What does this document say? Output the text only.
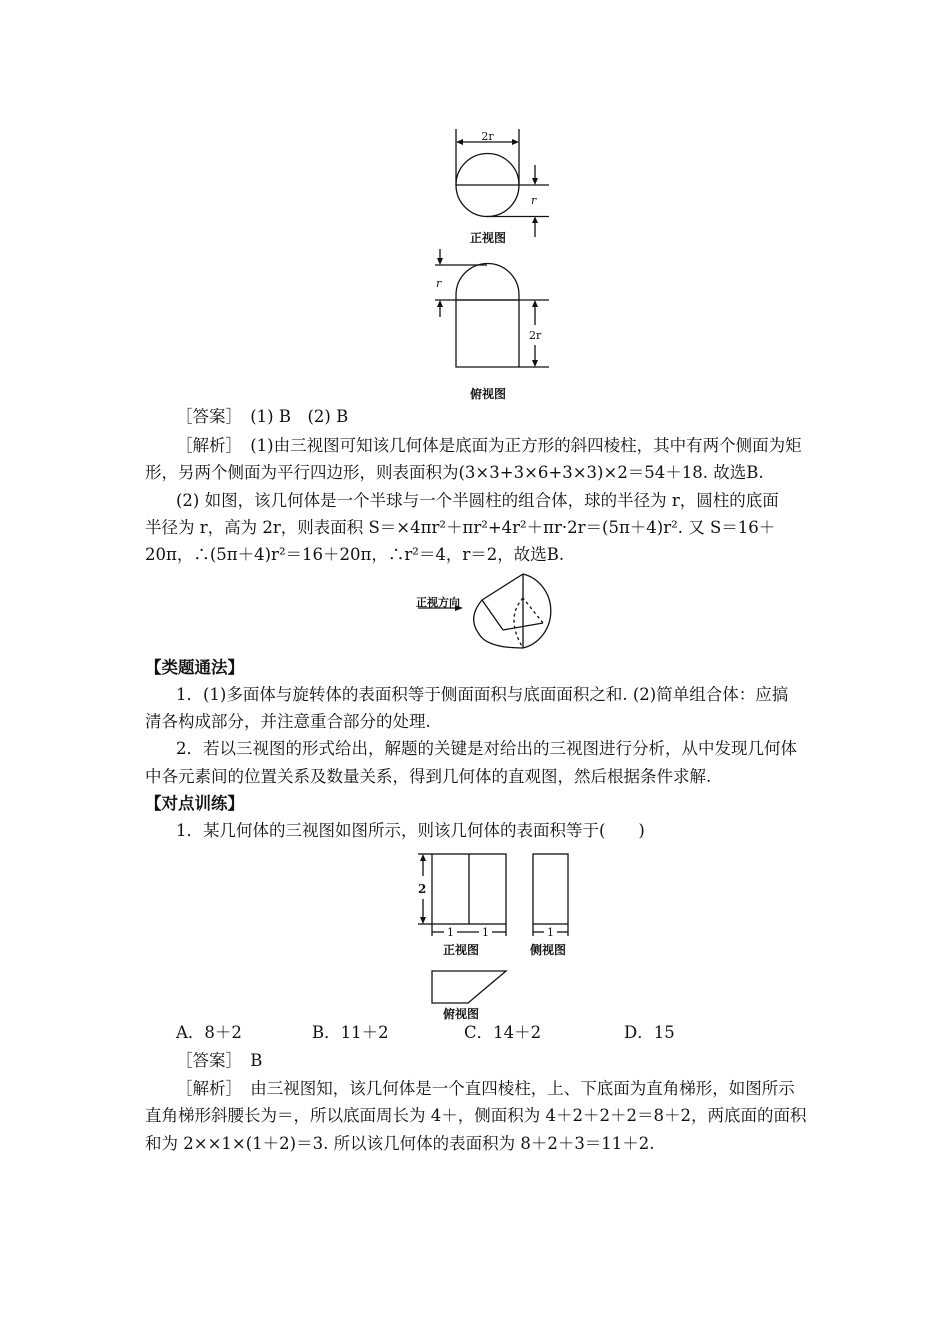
2r
r
正视图
r
2r
俯视图
［答案］　(1) B　(2) B
［解析］　(1)由三视图可知该几何体是底面为正方形的斜四棱柱，其中有两个侧面为矩
形，另两个侧面为平行四边形，则表面积为(3×3+3×6+3×3)×2＝54＋18. 故选B.
(2) 如图，该几何体是一个半球与一个半圆柱的组合体，球的半径为 r，圆柱的底面
半径为 r，高为 2r，则表面积 S＝×4πr²＋πr²+4r²＋πr·2r＝(5π＋4)r². 又 S＝16＋
20π，∴(5π＋4)r²＝16＋20π，∴r²＝4，r＝2，故选B.
正视方向
【类题通法】
1．(1)多面体与旋转体的表面积等于侧面面积与底面面积之和. (2)简单组合体：应搞
清各构成部分，并注意重合部分的处理.
2．若以三视图的形式给出，解题的关键是对给出的三视图进行分析，从中发现几何体
中各元素间的位置关系及数量关系，得到几何体的直观图，然后根据条件求解.
【对点训练】
1．某几何体的三视图如图所示，则该几何体的表面积等于(　　)
2
1	1	1
正视图	侧视图
俯视图
A．8＋2	B．11＋2	C．14＋2	D．15
［答案］　B
［解析］　由三视图知，该几何体是一个直四棱柱，上、下底面为直角梯形，如图所示
直角梯形斜腰长为＝，所以底面周长为 4＋，侧面积为 4＋2＋2＋2＝8＋2，两底面的面积
和为 2××1×(1＋2)＝3. 所以该几何体的表面积为 8＋2＋3＝11＋2.
